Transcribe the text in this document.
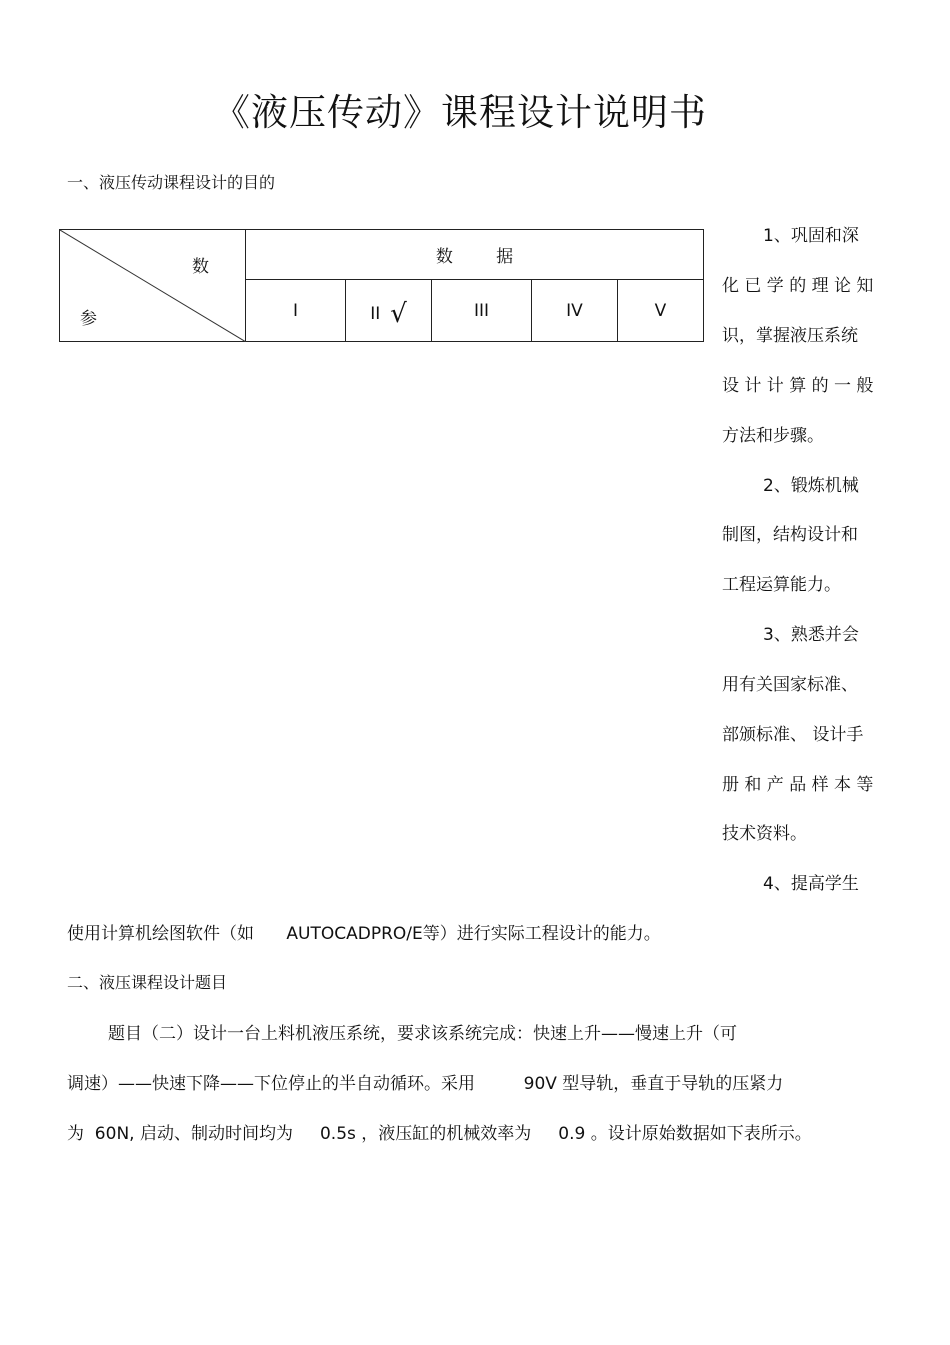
《液压传动》课程设计说明书
一、液压传动课程设计的目的
数
参	数        据				
	I	II √	III	IV	V
1、巩固和深
化 已 学 的 理 论 知
识，掌握液压系统
设 计 计 算 的 一 般
方法和步骤。
2、锻炼机械
制图，结构设计和
工程运算能力。
3、熟悉并会
用有关国家标准、
部颁标准、 设计手
册 和 产 品 样 本 等
技术资料。
4、提高学生
使用计算机绘图软件（如      AUTOCADPRO/E等）进行实际工程设计的能力。
二、液压课程设计题目
题目（二）设计一台上料机液压系统，要求该系统完成：快速上升——慢速上升（可
调速）——快速下降——下位停止的半自动循环。采用         90V 型导轨，垂直于导轨的压紧力
为  60N, 启动、制动时间均为     0.5s ，液压缸的机械效率为     0.9 。设计原始数据如下表所示。
